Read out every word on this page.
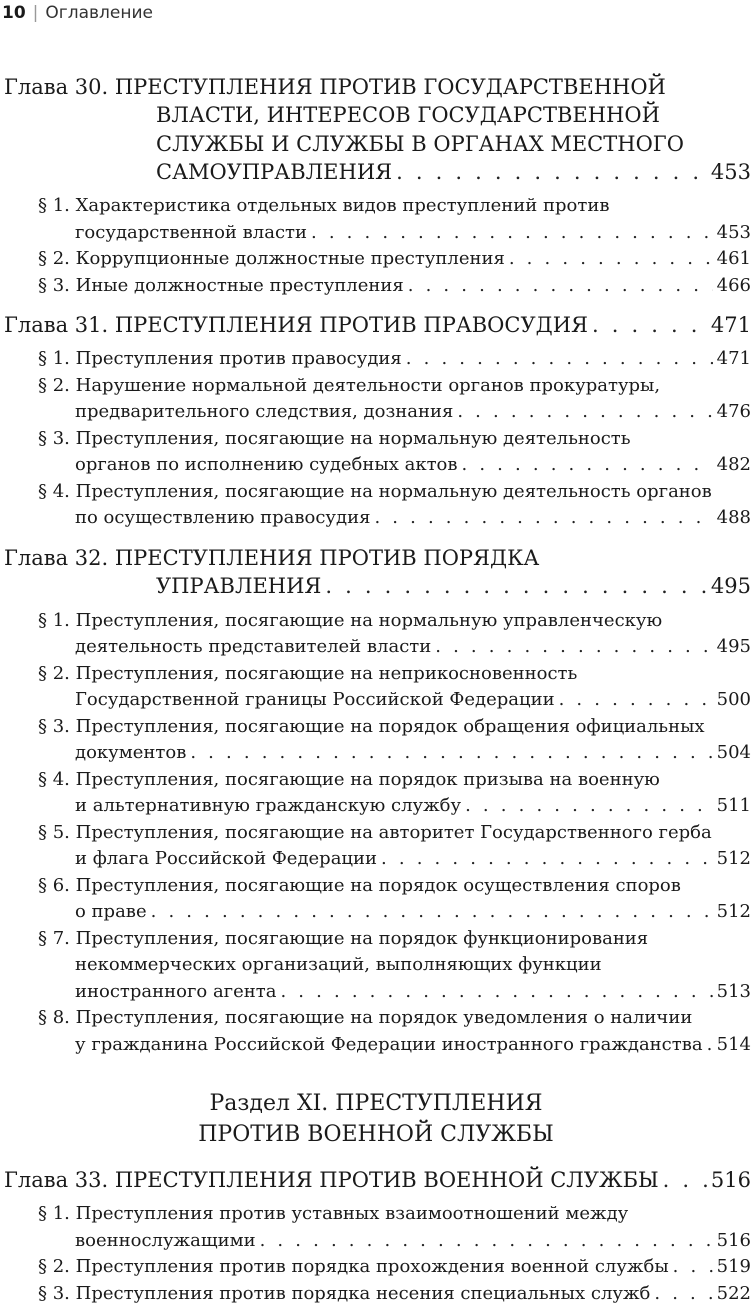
10 | Оглавление
Глава 30. ПРЕСТУПЛЕНИЯ ПРОТИВ ГОСУДАРСТВЕННОЙ
ВЛАСТИ, ИНТЕРЕСОВ ГОСУДАРСТВЕННОЙ
СЛУЖБЫ И СЛУЖБЫ В ОРГАНАХ МЕСТНОГО
САМОУПРАВЛЕНИЯ . . .	453
§ 1. Характеристика отдельных видов преступлений против
государственной власти . . .	453
§ 2. Коррупционные должностные преступления . . .	461
§ 3. Иные должностные преступления . . .	466
Глава 31. ПРЕСТУПЛЕНИЯ ПРОТИВ ПРАВОСУДИЯ . . .	471
§ 1. Преступления против правосудия . . .	471
§ 2. Нарушение нормальной деятельности органов прокуратуры,
предварительного следствия, дознания . . .	476
§ 3. Преступления, посягающие на нормальную деятельность
органов по исполнению судебных актов . . .	482
§ 4. Преступления, посягающие на нормальную деятельность органов
по осуществлению правосудия . . .	488
Глава 32. ПРЕСТУПЛЕНИЯ ПРОТИВ ПОРЯДКА
УПРАВЛЕНИЯ . . .	495
§ 1. Преступления, посягающие на нормальную управленческую
деятельность представителей власти . . .	495
§ 2. Преступления, посягающие на неприкосновенность
Государственной границы Российской Федерации . . .	500
§ 3. Преступления, посягающие на порядок обращения официальных
документов . . .	504
§ 4. Преступления, посягающие на порядок призыва на военную
и альтернативную гражданскую службу . . .	511
§ 5. Преступления, посягающие на авторитет Государственного герба
и флага Российской Федерации . . .	512
§ 6. Преступления, посягающие на порядок осуществления споров
о праве . . .	512
§ 7. Преступления, посягающие на порядок функционирования
некоммерческих организаций, выполняющих функции
иностранного агента . . .	513
§ 8. Преступления, посягающие на порядок уведомления о наличии
у гражданина Российской Федерации иностранного гражданства . . . 514
Раздел XI. ПРЕСТУПЛЕНИЯ
ПРОТИВ ВОЕННОЙ СЛУЖБЫ
Глава 33. ПРЕСТУПЛЕНИЯ ПРОТИВ ВОЕННОЙ СЛУЖБЫ . . . 516
§ 1. Преступления против уставных взаимоотношений между
военнослужащими . . .	516
§ 2. Преступления против порядка прохождения военной службы . . .	519
§ 3. Преступления против порядка несения специальных служб . . .	522
